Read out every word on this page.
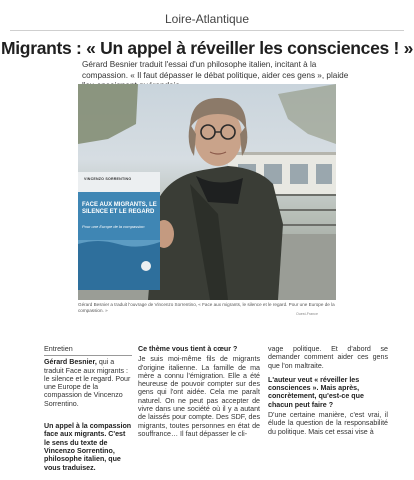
Loire-Atlantique
Migrants : « Un appel à réveiller les consciences ! »

Gérard Besnier traduit l'essai d'un philosophe italien, incitant à la compassion. « Il faut dépasser le débat politique, aider ces gens », plaide

VINCENZO SORRENTINO
FACE AUX MIGRANTS, LE SILENCE ET LE REGARD
Pour une Europe de la compassion

Gérard Besnier a traduit l'ouvrage de Vincenzo Sorrentino, « Face aux migrants, le silence et le regard. Pour une Europe de la compassion. »

Ouest-France
Entretien

Gérard Besnier, qui a traduit Face aux migrants : le silence et le regard. Pour une Europe de la compassion de Vincenzo Sorrentino.

Un appel à la compassion face aux migrants. C'est le sens du texte de Vincenzo Sorrentino, philosophe italien, que vous traduisez.

Ce thème vous tient à cœur ?

Je suis moi-même fils de migrants d'origine italienne. La famille de ma mère a connu l'émigration. Elle a été heureuse de pouvoir compter sur des gens qui l'ont aidée. Cela me paraît naturel. On ne peut pas accepter de vivre dans une société où il y a autant de laissés pour compte. Des SDF, des migrants, toutes personnes en état de souffrance… Il faut dépasser le cli-

vage politique. Et d'abord se demander comment aider ces gens que l'on maltraite.

L'auteur veut « réveiller les consciences ». Mais après, concrètement, qu'est-ce que chacun peut faire ?

D'une certaine manière, c'est vrai, il élude la question de la responsabilité du politique. Mais cet essai vise à
